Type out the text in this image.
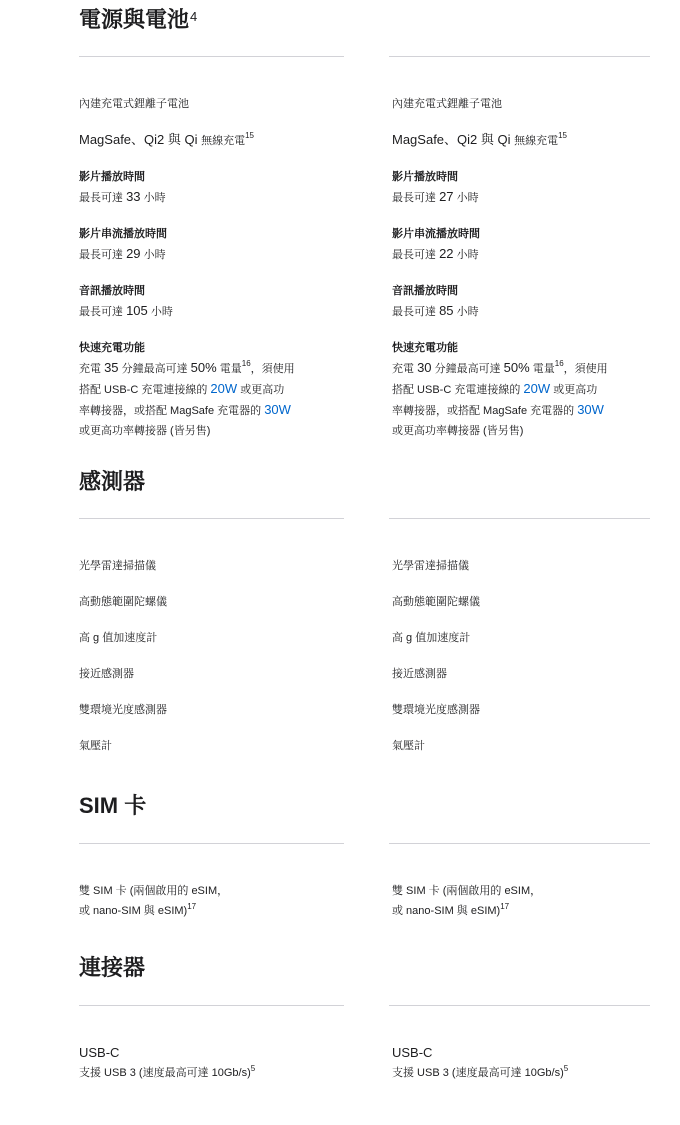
電源與電池$^4$
內建充電式鋰離子電池
MagSafe、Qi2 與 Qi 無線充電$^{15}$
影片播放時間
最長可達 33 小時
影片串流播放時間
最長可達 29 小時
音訊播放時間
最長可達 105 小時
快速充電功能
充電 35 分鐘最高可達 50% 電量$^{16}$，須使用
搭配 USB-C 充電連接線的 20W 或更高功
率轉接器，或搭配 MagSafe 充電器的 30W
或更高功率轉接器 (皆另售)
內建充電式鋰離子電池
MagSafe、Qi2 與 Qi 無線充電$^{15}$
影片播放時間
最長可達 27 小時
影片串流播放時間
最長可達 22 小時
音訊播放時間
最長可達 85 小時
快速充電功能
充電 30 分鐘最高可達 50% 電量$^{16}$，須使用
搭配 USB-C 充電連接線的 20W 或更高功
率轉接器，或搭配 MagSafe 充電器的 30W
或更高功率轉接器 (皆另售)
感測器
光學雷達掃描儀
高動態範圍陀螺儀
高 g 值加速度計
接近感測器
雙環境光度感測器
氣壓計
光學雷達掃描儀
高動態範圍陀螺儀
高 g 值加速度計
接近感測器
雙環境光度感測器
氣壓計
SIM 卡
雙 SIM 卡 (兩個啟用的 eSIM，
或 nano-SIM 與 eSIM)$^{17}$
雙 SIM 卡 (兩個啟用的 eSIM，
或 nano-SIM 與 eSIM)$^{17}$
連接器
USB-C
支援 USB 3 (速度最高可達 10Gb/s)$^5$
USB-C
支援 USB 3 (速度最高可達 10Gb/s)$^5$
